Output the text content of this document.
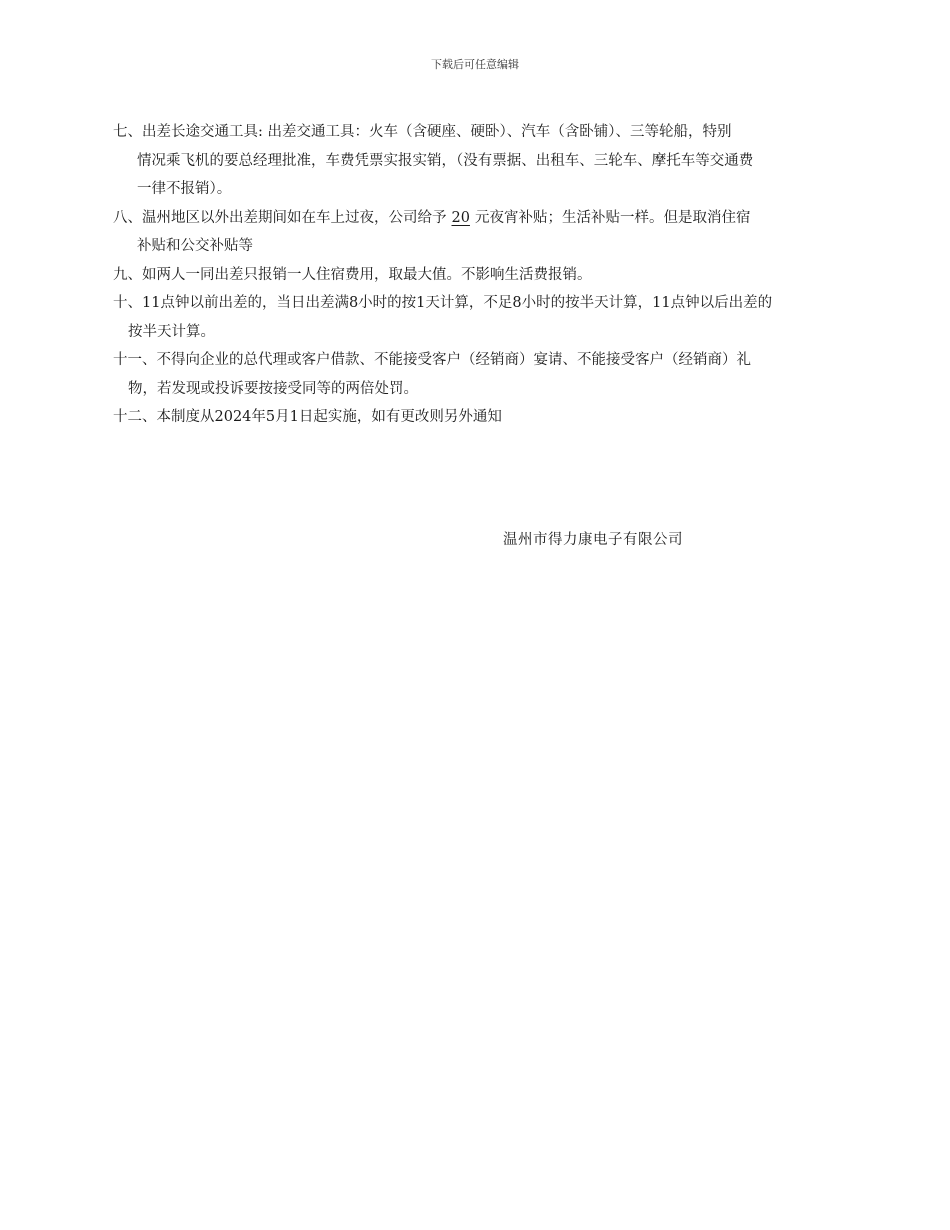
下载后可任意编辑

七、出差长途交通工具: 出差交通工具：火车（含硬座、硬卧）、汽车（含卧铺）、三等轮船，特别
情况乘飞机的要总经理批准，车费凭票实报实销，（没有票据、出租车、三轮车、摩托车等交通费
一律不报销）。

八、温州地区以外出差期间如在车上过夜，公司给予 20 元夜宵补贴；生活补贴一样。但是取消住宿
补贴和公交补贴等

九、如两人一同出差只报销一人住宿费用，取最大值。不影响生活费报销。

十、11点钟以前出差的，当日出差满8小时的按1天计算，不足8小时的按半天计算，11点钟以后出差的
按半天计算。

十一、不得向企业的总代理或客户借款、不能接受客户（经销商）宴请、不能接受客户（经销商）礼
物，若发现或投诉要按接受同等的两倍处罚。

十二、本制度从2024年5月1日起实施，如有更改则另外通知

温州市得力康电子有限公司
